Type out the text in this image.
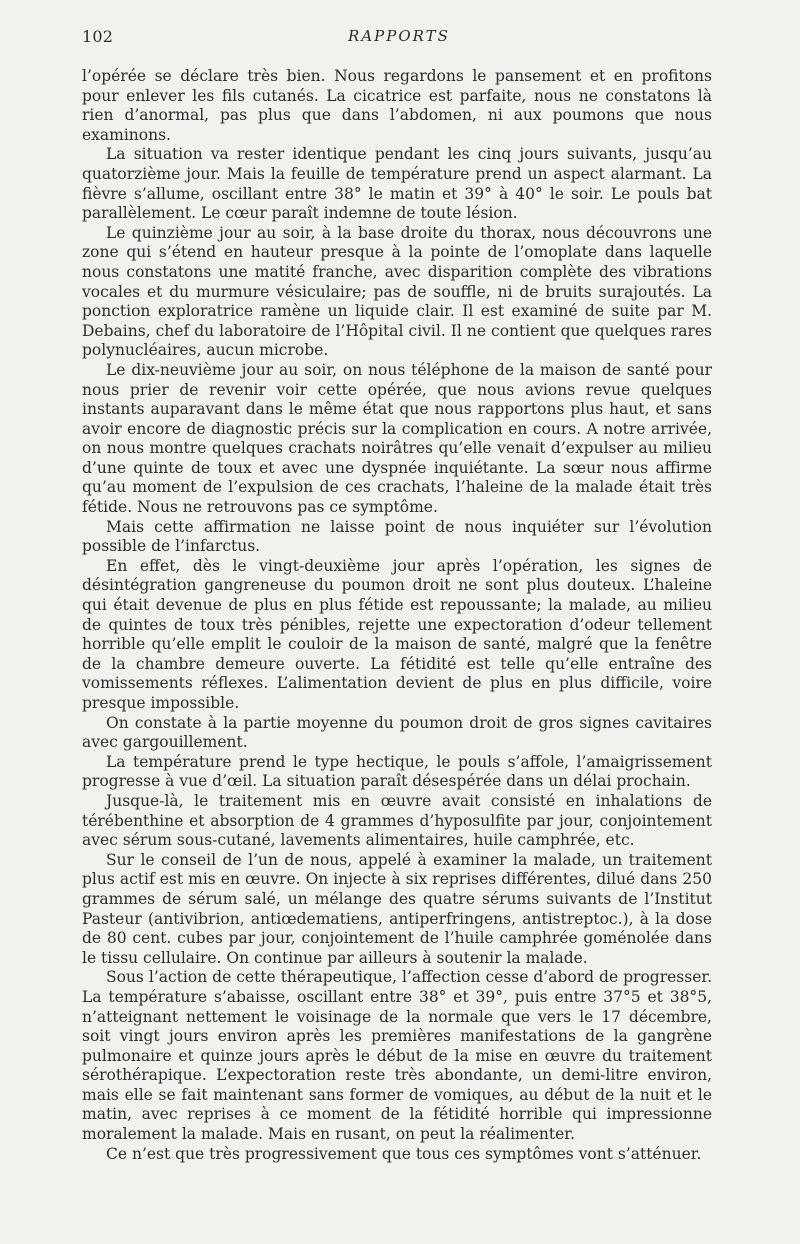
102	RAPPORTS

l’opérée se déclare très bien. Nous regardons le pansement et en profitons pour enlever les fils cutanés. La cicatrice est parfaite, nous ne constatons là rien d’anormal, pas plus que dans l’abdomen, ni aux poumons que nous examinons.

La situation va rester identique pendant les cinq jours suivants, jusqu’au quatorzième jour. Mais la feuille de température prend un aspect alarmant. La fièvre s’allume, oscillant entre 38° le matin et 39° à 40° le soir. Le pouls bat parallèlement. Le cœur paraît indemne de toute lésion.

Le quinzième jour au soir, à la base droite du thorax, nous découvrons une zone qui s’étend en hauteur presque à la pointe de l’omoplate dans laquelle nous constatons une matité franche, avec disparition complète des vibrations vocales et du murmure vésiculaire; pas de souffle, ni de bruits surajoutés. La ponction exploratrice ramène un liquide clair. Il est examiné de suite par M. Debains, chef du laboratoire de l’Hôpital civil. Il ne contient que quelques rares polynucléaires, aucun microbe.

Le dix-neuvième jour au soir, on nous téléphone de la maison de santé pour nous prier de revenir voir cette opérée, que nous avions revue quelques instants auparavant dans le même état que nous rapportons plus haut, et sans avoir encore de diagnostic précis sur la complication en cours. A notre arrivée, on nous montre quelques crachats noirâtres qu’elle venait d’expulser au milieu d’une quinte de toux et avec une dyspnée inquiétante. La sœur nous affirme qu’au moment de l’expulsion de ces crachats, l’haleine de la malade était très fétide. Nous ne retrouvons pas ce symptôme.

Mais cette affirmation ne laisse point de nous inquiéter sur l’évolution possible de l’infarctus.

En effet, dès le vingt-deuxième jour après l’opération, les signes de désintégration gangreneuse du poumon droit ne sont plus douteux. L’haleine qui était devenue de plus en plus fétide est repoussante; la malade, au milieu de quintes de toux très pénibles, rejette une expectoration d’odeur tellement horrible qu’elle emplit le couloir de la maison de santé, malgré que la fenêtre de la chambre demeure ouverte. La fétidité est telle qu’elle entraîne des vomissements réflexes. L’alimentation devient de plus en plus difficile, voire presque impossible.

On constate à la partie moyenne du poumon droit de gros signes cavitaires avec gargouillement.

La température prend le type hectique, le pouls s’affole, l’amaigrissement progresse à vue d’œil. La situation paraît désespérée dans un délai prochain.

Jusque-là, le traitement mis en œuvre avait consisté en inhalations de térébenthine et absorption de 4 grammes d’hyposulfite par jour, conjointement avec sérum sous-cutané, lavements alimentaires, huile camphrée, etc.

Sur le conseil de l’un de nous, appelé à examiner la malade, un traitement plus actif est mis en œuvre. On injecte à six reprises différentes, dilué dans 250 grammes de sérum salé, un mélange des quatre sérums suivants de l’Institut Pasteur (antivibrion, antiœdematiens, antiperfringens, antistreptoc.), à la dose de 80 cent. cubes par jour, conjointement de l’huile camphrée goménolée dans le tissu cellulaire. On continue par ailleurs à soutenir la malade.

Sous l’action de cette thérapeutique, l’affection cesse d’abord de progresser. La température s’abaisse, oscillant entre 38° et 39°, puis entre 37°5 et 38°5, n’atteignant nettement le voisinage de la normale que vers le 17 décembre, soit vingt jours environ après les premières manifestations de la gangrène pulmonaire et quinze jours après le début de la mise en œuvre du traitement sérothérapique. L’expectoration reste très abondante, un demi-litre environ, mais elle se fait maintenant sans former de vomiques, au début de la nuit et le matin, avec reprises à ce moment de la fétidité horrible qui impressionne moralement la malade. Mais en rusant, on peut la réalimenter.

Ce n’est que très progressivement que tous ces symptômes vont s’atténuer.
